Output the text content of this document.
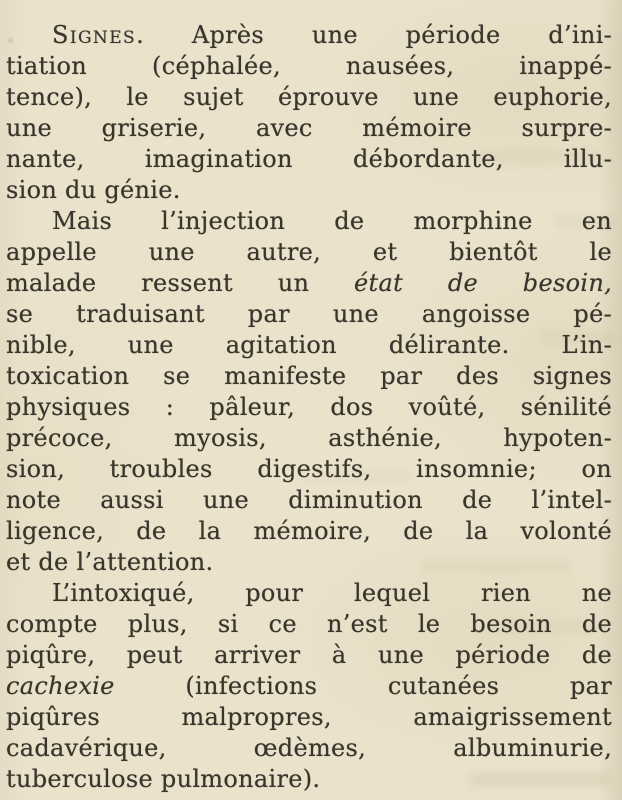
Signes. Après une période d’ini-
tiation (céphalée, nausées, inappé-
tence), le sujet éprouve une euphorie,
une griserie, avec mémoire surpre-
nante, imagination débordante, illu-
sion du génie.
Mais l’injection de morphine en
appelle une autre, et bientôt le
malade ressent un état de besoin,
se traduisant par une angoisse pé-
nible, une agitation délirante. L’in-
toxication se manifeste par des signes
physiques : pâleur, dos voûté, sénilité
précoce, myosis, asthénie, hypoten-
sion, troubles digestifs, insomnie; on
note aussi une diminution de l’intel-
ligence, de la mémoire, de la volonté
et de l’attention.
L’intoxiqué, pour lequel rien ne
compte plus, si ce n’est le besoin de
piqûre, peut arriver à une période de
cachexie (infections cutanées par
piqûres malpropres, amaigrissement
cadavérique, œdèmes, albuminurie,
tuberculose pulmonaire).
